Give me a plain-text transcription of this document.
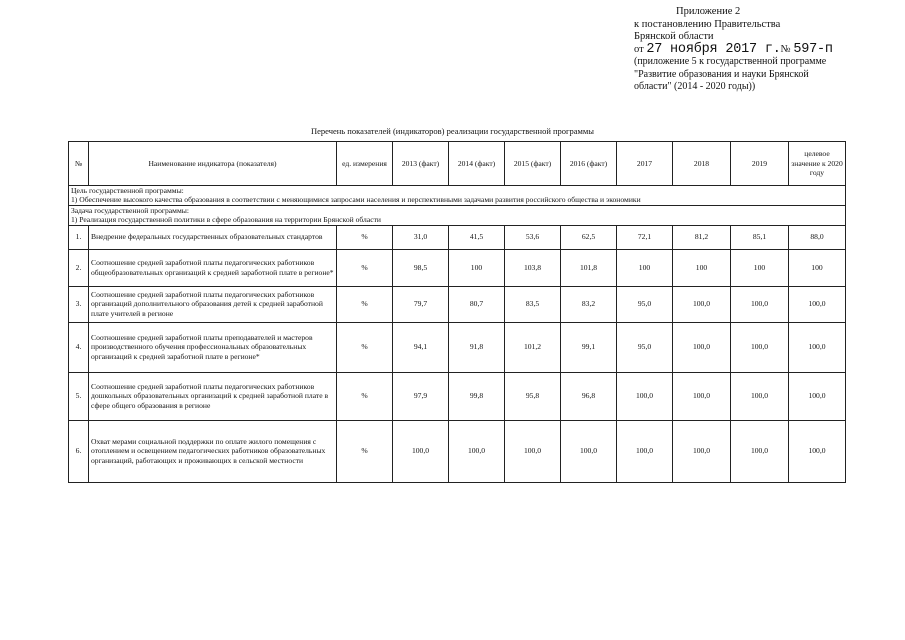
Приложение 2
к постановлению Правительства
Брянской области
от 27 ноября 2017 г.№ 597-п
(приложение 5 к государственной программе
"Развитие образования и науки Брянской
области" (2014 - 2020 годы))
Перечень показателей (индикаторов) реализации государственной программы
№	Наименование индикатора (показателя)	ед. измерения	2013 (факт)	2014 (факт)	2015 (факт)	2016 (факт)	2017	2018	2019	целевое значение к 2020 году

Цель государственной программы:
1) Обеспечение высокого качества образования в соответствии с меняющимися запросами населения и перспективными задачами развития российского общества и экономики										

Задача государственной программы:
1) Реализация государственной политики в сфере образования на территории Брянской области										

1.	Внедрение федеральных государственных образовательных стандартов	%	31,0	41,5	53,6	62,5	72,1	81,2	85,1	88,0
2.	Соотношение средней заработной платы педагогических работников общеобразовательных организаций к средней заработной плате в регионе*	%	98,5	100	103,8	101,8	100	100	100	100
3.	Соотношение средней заработной платы педагогических работников организаций дополнительного образования детей к средней заработной плате учителей в регионе	%	79,7	80,7	83,5	83,2	95,0	100,0	100,0	100,0
4.	Соотношение средней заработной платы преподавателей и мастеров производственного обучения профессиональных образовательных организаций к средней заработной плате в регионе*	%	94,1	91,8	101,2	99,1	95,0	100,0	100,0	100,0
5.	Соотношение средней заработной платы педагогических работников дошкольных образовательных организаций к средней заработной плате в сфере общего образования в регионе	%	97,9	99,8	95,8	96,8	100,0	100,0	100,0	100,0
6.	Охват мерами социальной поддержки по оплате жилого помещения с отоплением и освещением педагогических работников образовательных организаций, работающих и проживающих в сельской местности	%	100,0	100,0	100,0	100,0	100,0	100,0	100,0	100,0
